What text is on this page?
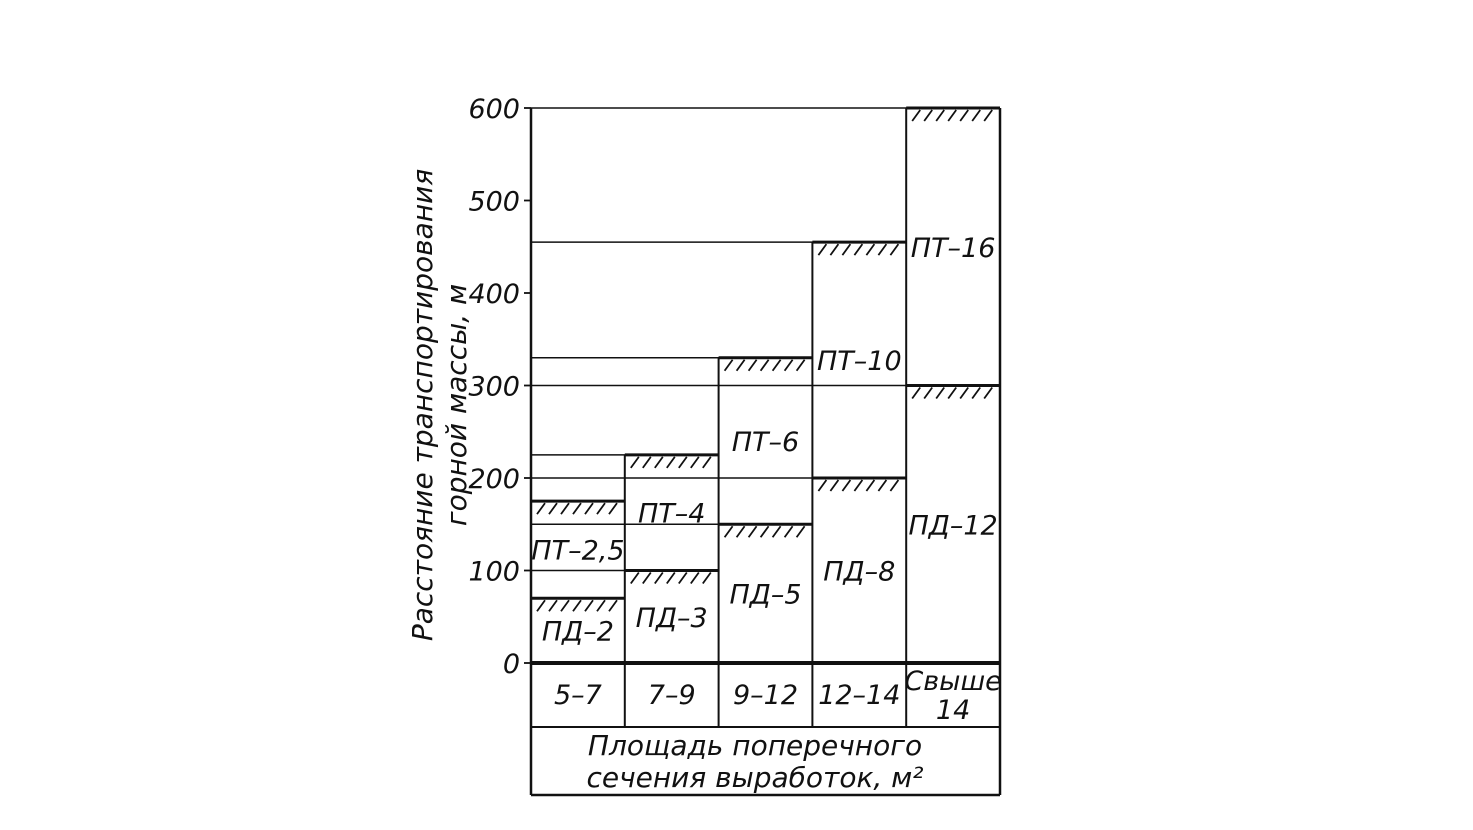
Расстояние транспортирования горной массы, м
0
100
200
300
400
500
600
ПД–2 ПД–3
ПД–5
ПД–8
ПД–12
ПТ–2,5
ПТ–4
ПТ–6
ПТ–10
ПТ–16
5–7 7–9 9–12 12–14 Свыше
14
Площадь поперечного
сечения выработок, м²
